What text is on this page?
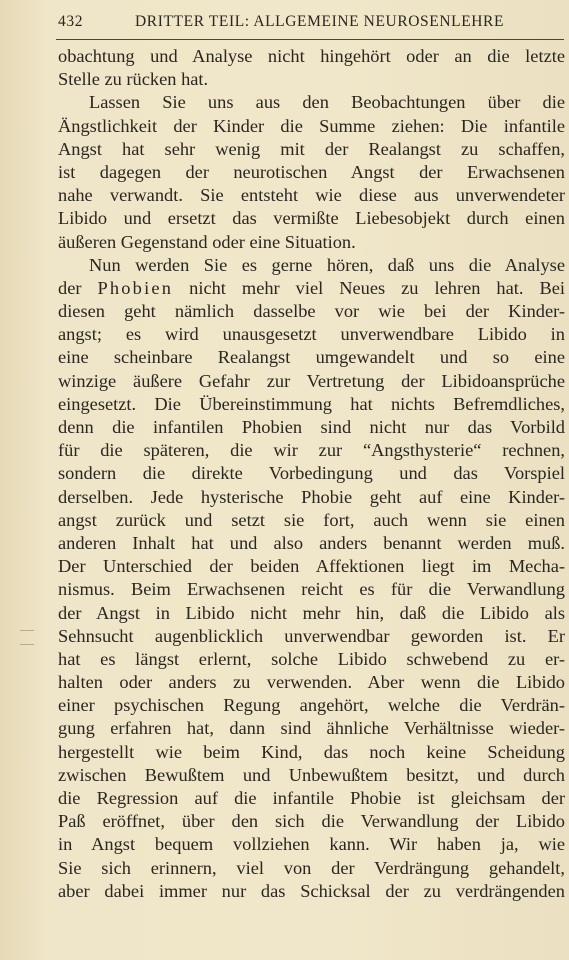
432	DRITTER TEIL: ALLGEMEINE NEUROSENLEHRE
obachtung und Analyse nicht hingehört oder an die letzte
Stelle zu rücken hat.
Lassen Sie uns aus den Beobachtungen über die
Ängstlichkeit der Kinder die Summe ziehen: Die infantile
Angst hat sehr wenig mit der Realangst zu schaffen,
ist dagegen der neurotischen Angst der Erwachsenen
nahe verwandt. Sie entsteht wie diese aus unverwendeter
Libido und ersetzt das vermißte Liebesobjekt durch einen
äußeren Gegenstand oder eine Situation.
Nun werden Sie es gerne hören, daß uns die Analyse
der Phobien nicht mehr viel Neues zu lehren hat. Bei
diesen geht nämlich dasselbe vor wie bei der Kinder-
angst; es wird unausgesetzt unverwendbare Libido in
eine scheinbare Realangst umgewandelt und so eine
winzige äußere Gefahr zur Vertretung der Libidoansprüche
eingesetzt. Die Übereinstimmung hat nichts Befremdliches,
denn die infantilen Phobien sind nicht nur das Vorbild
für die späteren, die wir zur “Angsthysterie“ rechnen,
sondern die direkte Vorbedingung und das Vorspiel
derselben. Jede hysterische Phobie geht auf eine Kinder-
angst zurück und setzt sie fort, auch wenn sie einen
anderen Inhalt hat und also anders benannt werden muß.
Der Unterschied der beiden Affektionen liegt im Mecha-
nismus. Beim Erwachsenen reicht es für die Verwandlung
der Angst in Libido nicht mehr hin, daß die Libido als
Sehnsucht augenblicklich unverwendbar geworden ist. Er
hat es längst erlernt, solche Libido schwebend zu er-
halten oder anders zu verwenden. Aber wenn die Libido
einer psychischen Regung angehört, welche die Verdrän-
gung erfahren hat, dann sind ähnliche Verhältnisse wieder-
hergestellt wie beim Kind, das noch keine Scheidung
zwischen Bewußtem und Unbewußtem besitzt, und durch
die Regression auf die infantile Phobie ist gleichsam der
Paß eröffnet, über den sich die Verwandlung der Libido
in Angst bequem vollziehen kann. Wir haben ja, wie
Sie sich erinnern, viel von der Verdrängung gehandelt,
aber dabei immer nur das Schicksal der zu verdrängenden
